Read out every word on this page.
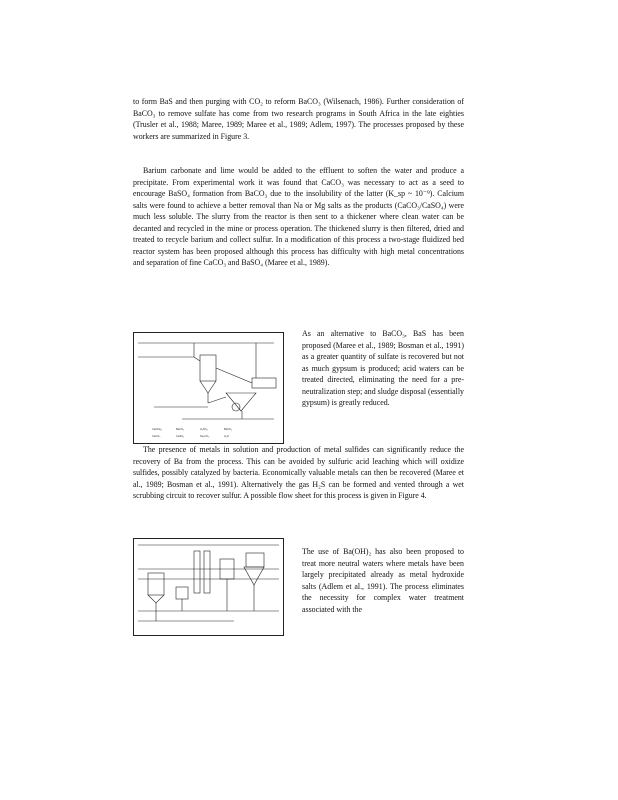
to form BaS and then purging with CO₂ to reform BaCO₃ (Wilsenach, 1986). Further consideration of BaCO₃ to remove sulfate has come from two research programs in South Africa in the late eighties (Trusler et al., 1988; Maree, 1989; Maree et al., 1989; Adlem, 1997). The processes proposed by these workers are summarized in Figure 3.

Barium carbonate and lime would be added to the effluent to soften the water and produce a precipitate. From experimental work it was found that CaCO₃ was necessary to act as a seed to encourage BaSO₄ formation from BaCO₃ due to the insolubility of the latter (K_sp ~ 10⁻⁹). Calcium salts were found to achieve a better removal than Na or Mg salts as the products (CaCO₃/CaSO₄) were much less soluble. The slurry from the reactor is then sent to a thickener where clean water can be decanted and recycled in the mine or process operation. The thickened slurry is then filtered, dried and treated to recycle barium and collect sulfur. In a modification of this process a two-stage fluidized bed reactor system has been proposed although this process has difficulty with high metal concentrations and separation of fine CaCO₃ and BaSO₄ (Maree et al., 1989).

Ca(OH)₂	BaCO₃	H₂SO₄	BaSO₄
CaCO₃	CaSO₄	Na₂CO₃	H₂O

As an alternative to BaCO₃, BaS has been proposed (Maree et al., 1989; Bosman et al., 1991) as a greater quantity of sulfate is recovered but not as much gypsum is produced; acid waters can be treated directed, eliminating the need for a pre-neutralization step; and sludge disposal (essentially gypsum) is greatly reduced.

The presence of metals in solution and production of metal sulfides can significantly reduce the recovery of Ba from the process. This can be avoided by sulfuric acid leaching which will oxidize sulfides, possibly catalyzed by bacteria. Economically valuable metals can then be recovered (Maree et al., 1989; Bosman et al., 1991). Alternatively the gas H₂S can be formed and vented through a wet scrubbing circuit to recover sulfur. A possible flow sheet for this process is given in Figure 4.

The use of Ba(OH)₂ has also been proposed to treat more neutral waters where metals have been largely precipitated already as metal hydroxide salts (Adlem et al., 1991). The process eliminates the necessity for complex water treatment associated with the
